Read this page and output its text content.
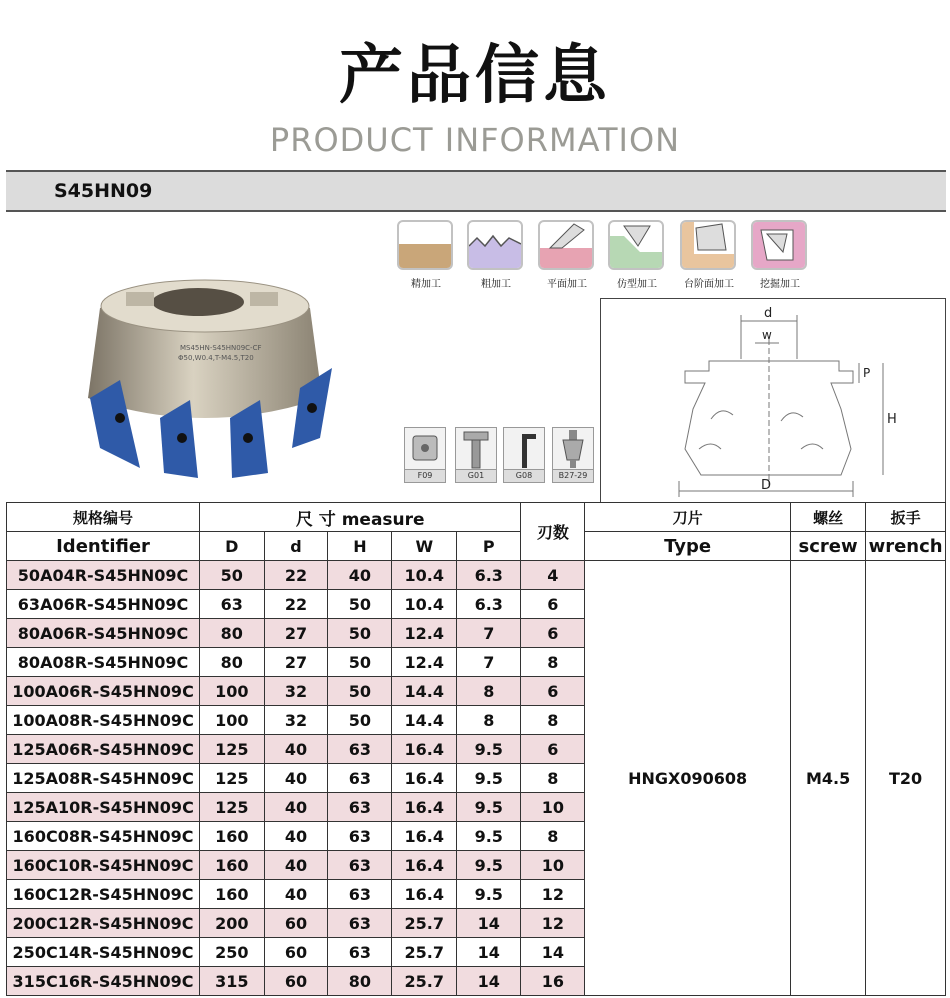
产品信息
PRODUCT INFORMATION
S45HN09
精加工	粗加工	平面加工	仿型加工	台阶面加工	挖掘加工
MS45HN-S45HN09C-CF
Φ50,W0.4,T-M4.5,T20
F09	G01	G08	B27-29
d
w
P
H
D
规格编号	尺 寸 measure					刃数	刀片	螺丝	扳手
Identifier	D	d	H	W	P		Type	screw	wrench
50A04R-S45HN09C	50	22	40	10.4	6.3	4	HNGX090608	M4.5	T20
63A06R-S45HN09C	63	22	50	10.4	6.3	6			
80A06R-S45HN09C	80	27	50	12.4	7	6			
80A08R-S45HN09C	80	27	50	12.4	7	8			
100A06R-S45HN09C	100	32	50	14.4	8	6			
100A08R-S45HN09C	100	32	50	14.4	8	8			
125A06R-S45HN09C	125	40	63	16.4	9.5	6			
125A08R-S45HN09C	125	40	63	16.4	9.5	8			
125A10R-S45HN09C	125	40	63	16.4	9.5	10			
160C08R-S45HN09C	160	40	63	16.4	9.5	8			
160C10R-S45HN09C	160	40	63	16.4	9.5	10			
160C12R-S45HN09C	160	40	63	16.4	9.5	12			
200C12R-S45HN09C	200	60	63	25.7	14	12			
250C14R-S45HN09C	250	60	63	25.7	14	14			
315C16R-S45HN09C	315	60	80	25.7	14	16			
